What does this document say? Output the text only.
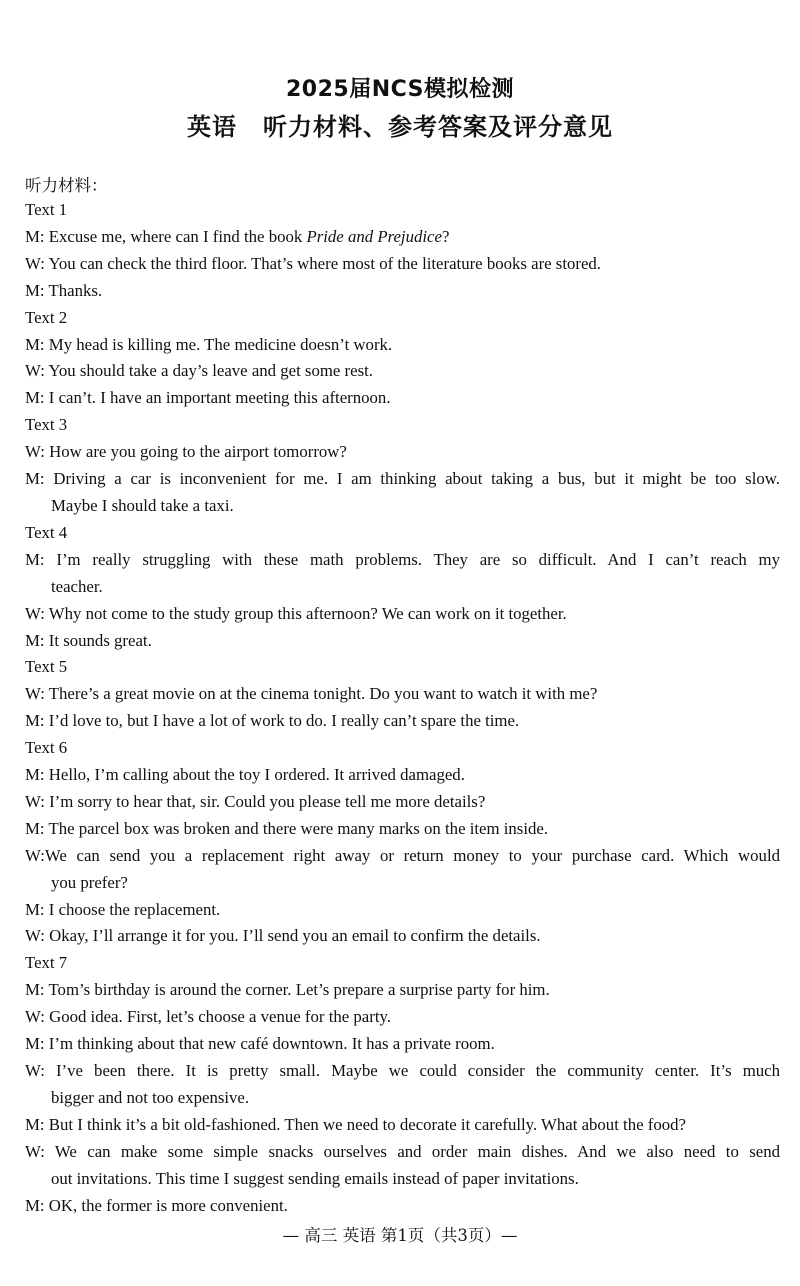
2025届NCS模拟检测
英语 听力材料、参考答案及评分意见
听力材料：
Text 1
M: Excuse me, where can I find the book Pride and Prejudice?
W: You can check the third floor. That’s where most of the literature books are stored.
M: Thanks.
Text 2
M: My head is killing me. The medicine doesn’t work.
W: You should take a day’s leave and get some rest.
M: I can’t. I have an important meeting this afternoon.
Text 3
W: How are you going to the airport tomorrow?
M: Driving a car is inconvenient for me. I am thinking about taking a bus, but it might be too slow.
Maybe I should take a taxi.
Text 4
M: I’m really struggling with these math problems. They are so difficult. And I can’t reach my
teacher.
W: Why not come to the study group this afternoon? We can work on it together.
M: It sounds great.
Text 5
W: There’s a great movie on at the cinema tonight. Do you want to watch it with me?
M: I’d love to, but I have a lot of work to do. I really can’t spare the time.
Text 6
M: Hello, I’m calling about the toy I ordered. It arrived damaged.
W: I’m sorry to hear that, sir. Could you please tell me more details?
M: The parcel box was broken and there were many marks on the item inside.
W:We can send you a replacement right away or return money to your purchase card. Which would
you prefer?
M: I choose the replacement.
W: Okay, I’ll arrange it for you. I’ll send you an email to confirm the details.
Text 7
M: Tom’s birthday is around the corner. Let’s prepare a surprise party for him.
W: Good idea. First, let’s choose a venue for the party.
M: I’m thinking about that new café downtown. It has a private room.
W: I’ve been there. It is pretty small. Maybe we could consider the community center. It’s much
bigger and not too expensive.
M: But I think it’s a bit old-fashioned. Then we need to decorate it carefully. What about the food?
W: We can make some simple snacks ourselves and order main dishes. And we also need to send
out invitations. This time I suggest sending emails instead of paper invitations.
M: OK, the former is more convenient.
— 高三 英语 第1页（共3页）—
